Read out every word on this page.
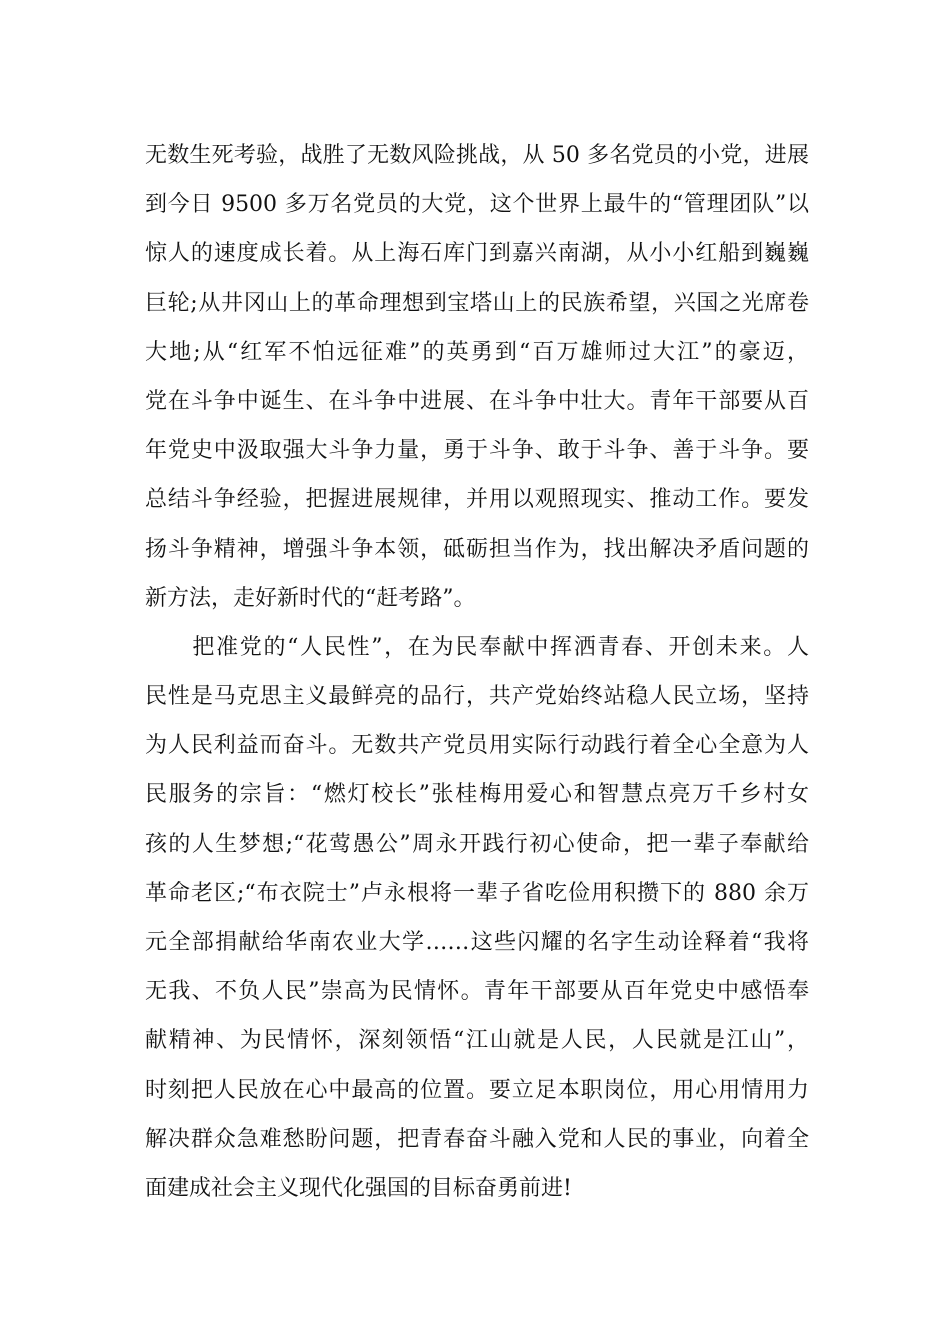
无数生死考验，战胜了无数风险挑战，从 50 多名党员的小党，进展
到今日 9500 多万名党员的大党，这个世界上最牛的“管理团队”以
惊人的速度成长着。从上海石库门到嘉兴南湖，从小小红船到巍巍
巨轮;从井冈山上的革命理想到宝塔山上的民族希望，兴国之光席卷
大地;从“红军不怕远征难”的英勇到“百万雄师过大江”的豪迈，
党在斗争中诞生、在斗争中进展、在斗争中壮大。青年干部要从百
年党史中汲取强大斗争力量，勇于斗争、敢于斗争、善于斗争。要
总结斗争经验，把握进展规律，并用以观照现实、推动工作。要发
扬斗争精神，增强斗争本领，砥砺担当作为，找出解决矛盾问题的
新方法，走好新时代的“赶考路”。

　　把准党的“人民性”，在为民奉献中挥洒青春、开创未来。人
民性是马克思主义最鲜亮的品行，共产党始终站稳人民立场，坚持
为人民利益而奋斗。无数共产党员用实际行动践行着全心全意为人
民服务的宗旨：“燃灯校长”张桂梅用爱心和智慧点亮万千乡村女
孩的人生梦想;“花莺愚公”周永开践行初心使命，把一辈子奉献给
革命老区;“布衣院士”卢永根将一辈子省吃俭用积攒下的 880 余万
元全部捐献给华南农业大学……这些闪耀的名字生动诠释着“我将
无我、不负人民”崇高为民情怀。青年干部要从百年党史中感悟奉
献精神、为民情怀，深刻领悟“江山就是人民，人民就是江山”，
时刻把人民放在心中最高的位置。要立足本职岗位，用心用情用力
解决群众急难愁盼问题，把青春奋斗融入党和人民的事业，向着全
面建成社会主义现代化强国的目标奋勇前进!
